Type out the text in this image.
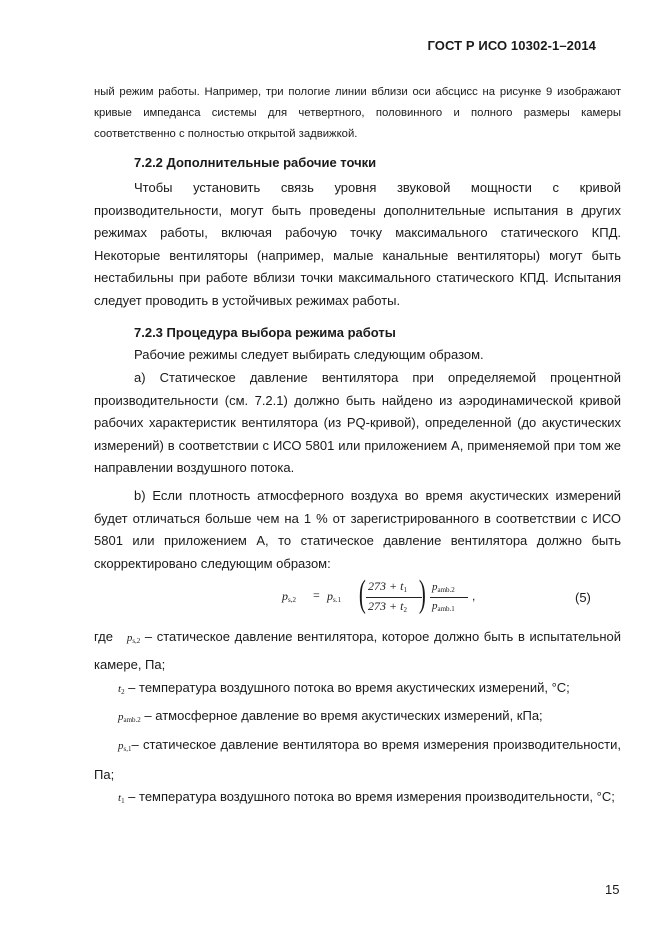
ГОСТ Р ИСО 10302-1–2014
ный режим работы. Например, три пологие линии вблизи оси абсцисс на рисунке 9 изображают кривые импеданса системы для четвертного, половинного и полного размеры камеры соответственно с полностью открытой задвижкой.
7.2.2 Дополнительные рабочие точки
Чтобы установить связь уровня звуковой мощности с кривой производительности, могут быть проведены дополнительные испытания в других режимах работы, включая рабочую точку максимального статического КПД. Некоторые вентиляторы (например, малые канальные вентиляторы) могут быть нестабильны при работе вблизи точки максимального статического КПД. Испытания следует проводить в устойчивых режимах работы.
7.2.3 Процедура выбора режима работы
Рабочие режимы следует выбирать следующим образом.
a) Статическое давление вентилятора при определяемой процентной производительности (см. 7.2.1) должно быть найдено из аэродинамической кривой рабочих характеристик вентилятора (из PQ-кривой), определенной (до акустических измерений) в соответствии с ИСО 5801 или приложением A, применяемой при том же направлении воздушного потока.
b) Если плотность атмосферного воздуха во время акустических измерений будет отличаться больше чем на 1 % от зарегистрированного в соответствии с ИСО 5801 или приложением A, то статическое давление вентилятора должно быть скорректировано следующим образом:
$p_{s,2} = p_{s.1}$ ( $273 + t_1$
$273 + t_2$ ) $p_{amb.2}$
$p_{amb.1}$
,	(5)
где $p_{s,2}$ – статическое давление вентилятора, которое должно быть в испытательной камере, Па;
$t_2$ – температура воздушного потока во время акустических измерений, °C;
$p_{amb.2}$ – атмосферное давление во время акустических измерений, кПа;
$p_{s,1}-$ статическое давление вентилятора во время измерения производительности, Па;
$t_1$ – температура воздушного потока во время измерения производительности, °C;
15
